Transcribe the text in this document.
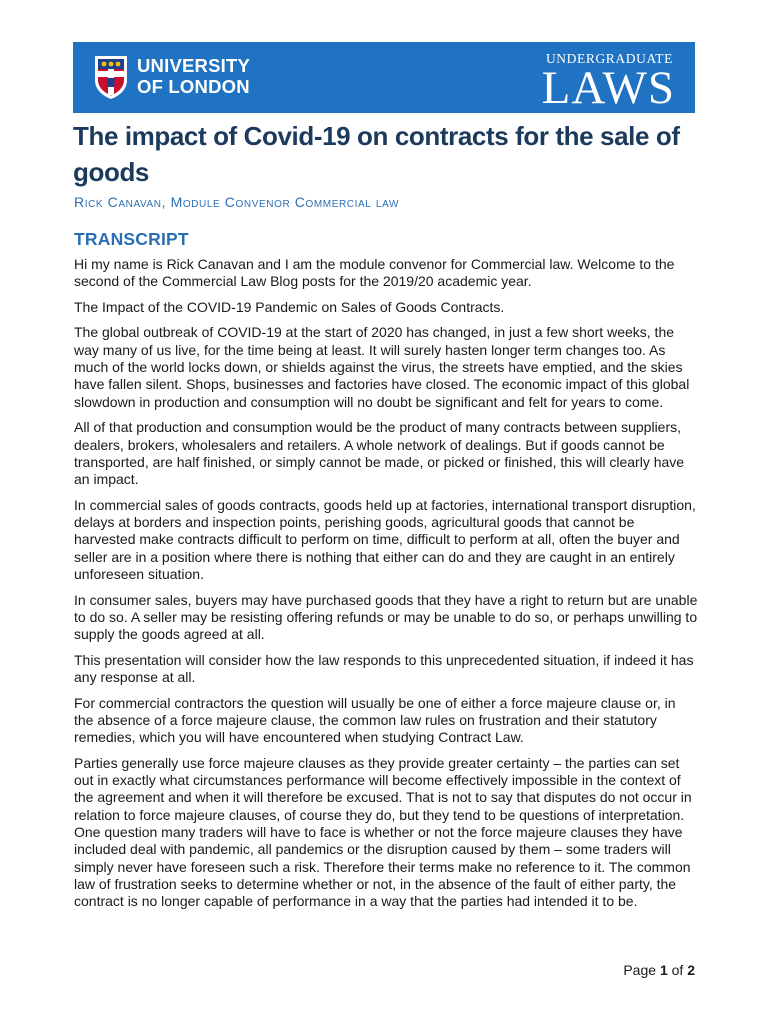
UNIVERSITY
OF LONDON
UNDERGRADUATE
LAWS
The impact of Covid-19 on contracts for the sale of goods
Rick Canavan, Module Convenor Commercial law
TRANSCRIPT

Hi my name is Rick Canavan and I am the module convenor for Commercial law. Welcome to the second of the Commercial Law Blog posts for the 2019/20 academic year.

The Impact of the COVID-19 Pandemic on Sales of Goods Contracts.

The global outbreak of COVID-19 at the start of 2020 has changed, in just a few short weeks, the way many of us live, for the time being at least. It will surely hasten longer term changes too. As much of the world locks down, or shields against the virus, the streets have emptied, and the skies have fallen silent. Shops, businesses and factories have closed. The economic impact of this global slowdown in production and consumption will no doubt be significant and felt for years to come.

All of that production and consumption would be the product of many contracts between suppliers, dealers, brokers, wholesalers and retailers. A whole network of dealings. But if goods cannot be transported, are half finished, or simply cannot be made, or picked or finished, this will clearly have an impact.

In commercial sales of goods contracts, goods held up at factories, international transport disruption, delays at borders and inspection points, perishing goods, agricultural goods that cannot be harvested make contracts difficult to perform on time, difficult to perform at all, often the buyer and seller are in a position where there is nothing that either can do and they are caught in an entirely unforeseen situation.

In consumer sales, buyers may have purchased goods that they have a right to return but are unable to do so. A seller may be resisting offering refunds or may be unable to do so, or perhaps unwilling to supply the goods agreed at all.

This presentation will consider how the law responds to this unprecedented situation, if indeed it has any response at all.

For commercial contractors the question will usually be one of either a force majeure clause or, in the absence of a force majeure clause, the common law rules on frustration and their statutory remedies, which you will have encountered when studying Contract Law.

Parties generally use force majeure clauses as they provide greater certainty – the parties can set out in exactly what circumstances performance will become effectively impossible in the context of the agreement and when it will therefore be excused. That is not to say that disputes do not occur in relation to force majeure clauses, of course they do, but they tend to be questions of interpretation. One question many traders will have to face is whether or not the force majeure clauses they have included deal with pandemic, all pandemics or the disruption caused by them – some traders will simply never have foreseen such a risk. Therefore their terms make no reference to it. The common law of frustration seeks to determine whether or not, in the absence of the fault of either party, the contract is no longer capable of performance in a way that the parties had intended it to be.

Page 1 of 2
